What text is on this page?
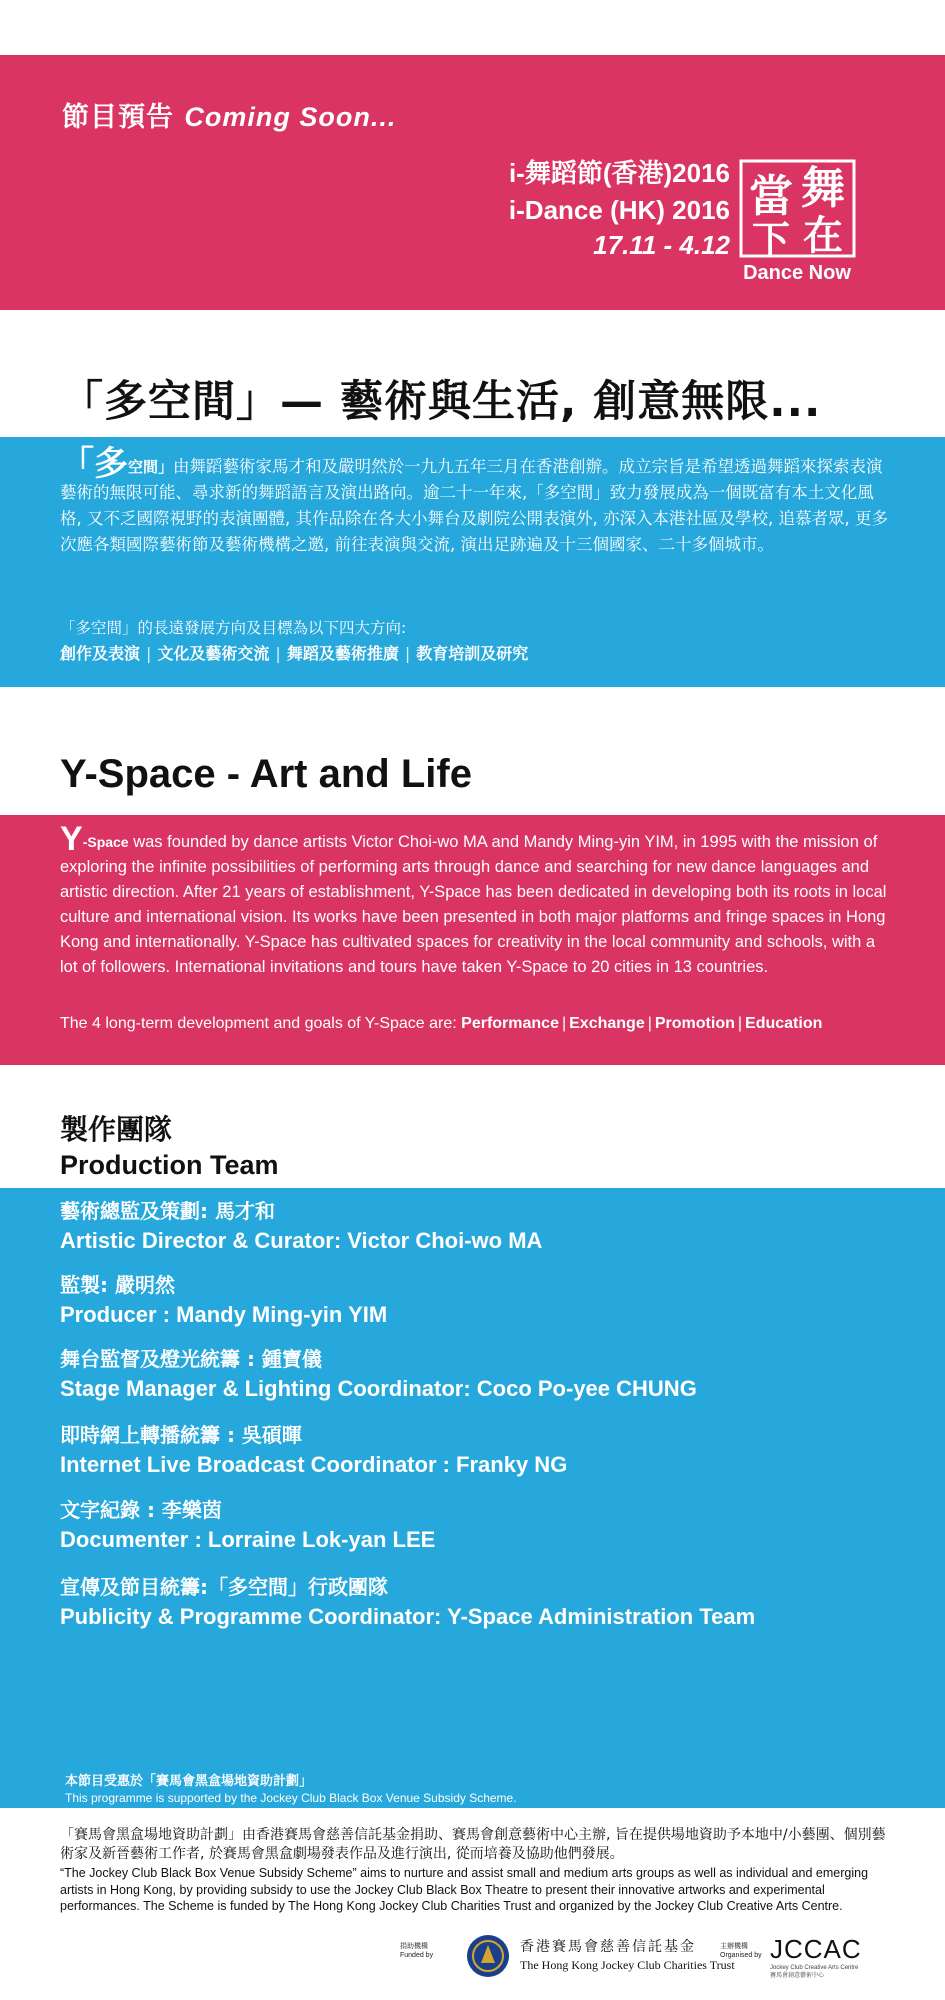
節目預告 Coming Soon...
i-舞蹈節(香港)2016
i-Dance (HK) 2016
17.11 - 4.12
舞
當
在
下
Dance Now
「多空間」— 藝術與生活, 創意無限...
「多空間」由舞蹈藝術家馬才和及嚴明然於一九九五年三月在香港創辦。成立宗旨是希望透過舞蹈來探索表演藝術的無限可能、尋求新的舞蹈語言及演出路向。逾二十一年來,「多空間」致力發展成為一個既富有本土文化風格, 又不乏國際視野的表演團體, 其作品除在各大小舞台及劇院公開表演外, 亦深入本港社區及學校, 追慕者眾, 更多次應各類國際藝術節及藝術機構之邀, 前往表演與交流, 演出足跡遍及十三個國家、二十多個城市。
「多空間」的長遠發展方向及目標為以下四大方向:
創作及表演 | 文化及藝術交流 | 舞蹈及藝術推廣 | 教育培訓及研究
Y-Space - Art and Life
Y-Space was founded by dance artists Victor Choi-wo MA and Mandy Ming-yin YIM, in 1995 with the mission of exploring the infinite possibilities of performing arts through dance and searching for new dance languages and artistic direction. After 21 years of establishment, Y-Space has been dedicated in developing both its roots in local culture and international vision. Its works have been presented in both major platforms and fringe spaces in Hong Kong and internationally. Y-Space has cultivated spaces for creativity in the local community and schools, with a lot of followers. International invitations and tours have taken Y-Space to 20 cities in 13 countries.
The 4 long-term development and goals of Y-Space are: Performance | Exchange | Promotion | Education
製作團隊
Production Team
藝術總監及策劃: 馬才和
Artistic Director & Curator: Victor Choi-wo MA
監製: 嚴明然
Producer : Mandy Ming-yin YIM
舞台監督及燈光統籌 : 鍾寶儀
Stage Manager & Lighting Coordinator: Coco Po-yee CHUNG
即時網上轉播統籌 : 吳碩暉
Internet Live Broadcast Coordinator : Franky NG
文字紀錄 : 李樂茵
Documenter : Lorraine Lok-yan LEE
宣傳及節目統籌:「多空間」行政團隊
Publicity & Programme Coordinator: Y-Space Administration Team
本節目受惠於「賽馬會黑盒場地資助計劃」
This programme is supported by the Jockey Club Black Box Venue Subsidy Scheme.
「賽馬會黑盒場地資助計劃」由香港賽馬會慈善信託基金捐助、賽馬會創意藝術中心主辦, 旨在提供場地資助予本地中/小藝團、個別藝術家及新晉藝術工作者, 於賽馬會黑盒劇場發表作品及進行演出, 從而培養及協助他們發展。
“The Jockey Club Black Box Venue Subsidy Scheme” aims to nurture and assist small and medium arts groups as well as individual and emerging artists in Hong Kong, by providing subsidy to use the Jockey Club Black Box Theatre to present their innovative artworks and experimental performances. The Scheme is funded by The Hong Kong Jockey Club Charities Trust and organized by the Jockey Club Creative Arts Centre.
捐助機構
Funded by
香港賽馬會慈善信託基金
The Hong Kong Jockey Club Charities Trust
主辦機構
Organised by JCCAC
Jockey Club Creative Arts Centre
賽馬會創意藝術中心
